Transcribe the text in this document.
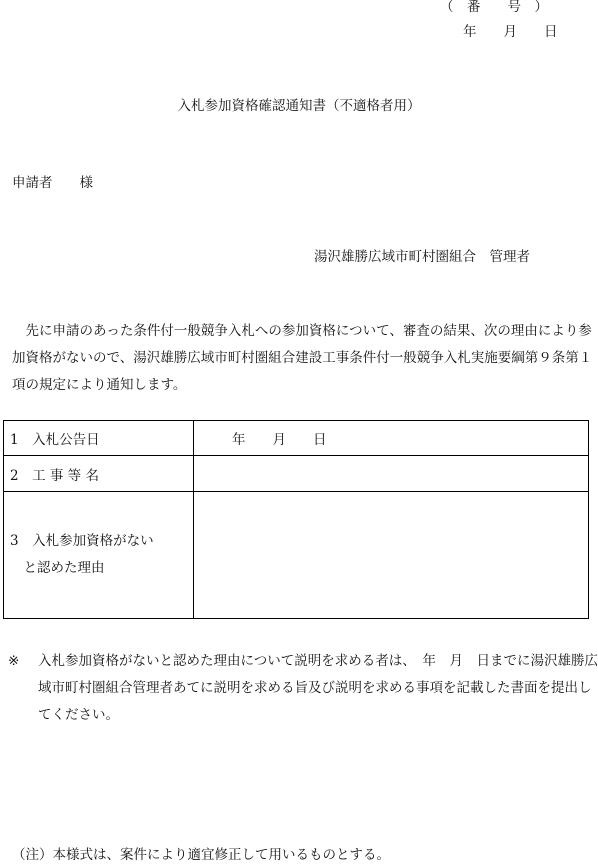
（　番　　号　）
年　　月　　日
入札参加資格確認通知書（不適格者用）
申請者　　様
湯沢雄勝広域市町村圏組合　管理者
先に申請のあった条件付一般競争入札への参加資格について、審査の結果、次の理由により参加資格がないので、湯沢雄勝広域市町村圏組合建設工事条件付一般競争入札実施要綱第９条第１項の規定により通知します。
1　入札公告日	年　　月　　日
2　工 事 等 名	

3　入札参加資格がない
　と認めた理由	

※	入札参加資格がないと認めた理由について説明を求める者は、　年　月　日までに湯沢雄勝広域市町村圏組合管理者あてに説明を求める旨及び説明を求める事項を記載した書面を提出してください。
（注）本様式は、案件により適宜修正して用いるものとする。
